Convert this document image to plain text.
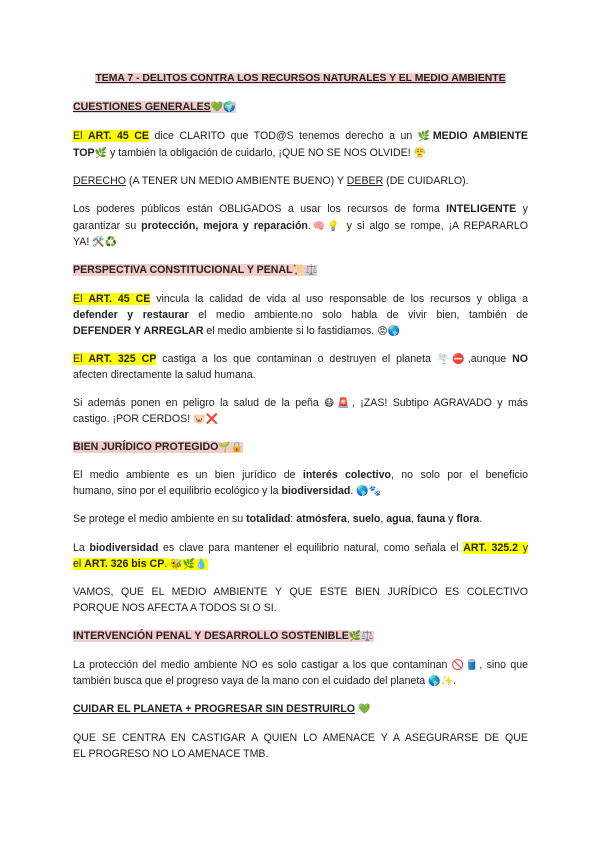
TEMA 7 - DELITOS CONTRA LOS RECURSOS NATURALES Y EL MEDIO AMBIENTE
CUESTIONES GENERALES💚🌍
El ART. 45 CE dice CLARITO que TOD@S tenemos derecho a un 🌿MEDIO AMBIENTE
TOP🌿 y también la obligación de cuidarlo, ¡QUE NO SE NOS OLVIDE! 😤
DERECHO (A TENER UN MEDIO AMBIENTE BUENO) Y DEBER (DE CUIDARLO).
Los poderes públicos están OBLIGADOS a usar los recursos de forma INTELIGENTE y
garantizar su protección, mejora y reparación.🧠💡 y si algo se rompe, ¡A REPARARLO
YA! 🛠️♻️
PERSPECTIVA CONSTITUCIONAL Y PENAL📜⚖️
El ART. 45 CE vincula la calidad de vida al uso responsable de los recursos y obliga a
defender y restaurar el medio ambiente.no solo habla de vivir bien, también de
DEFENDER Y ARREGLAR el medio ambiente si lo fastidiamos. 😡🌎
El ART. 325 CP castiga a los que contaminan o destruyen el planeta 🌪️⛔,aunque NO
afecten directamente la salud humana.
Si además ponen en peligro la salud de la peña 😷🚨, ¡ZAS! Subtipo AGRAVADO y más
castigo. ¡POR CERDOS! 🐷❌
BIEN JURÍDICO PROTEGIDO🌱🔒
El medio ambiente es un bien jurídico de interés colectivo, no solo por el beneficio
humano, sino por el equilibrio ecológico y la biodiversidad. 🌎🐾
Se protege el medio ambiente en su totalidad: atmósfera, suelo, agua, fauna y flora.
La biodiversidad es clave para mantener el equilibrio natural, como señala el ART. 325.2 y
el ART. 326 bis CP. 🐝🌿💧
VAMOS, QUE EL MEDIO AMBIENTE Y QUE ESTE BIEN JURÍDICO ES COLECTIVO
PORQUE NOS AFECTA A TODOS SI O SI.
INTERVENCIÓN PENAL Y DESARROLLO SOSTENIBLE🌿⚖️
La protección del medio ambiente NO es solo castigar a los que contaminan 🚫🛢️, sino que
también busca que el progreso vaya de la mano con el cuidado del planeta 🌎✨.
CUIDAR EL PLANETA + PROGRESAR SIN DESTRUIRLO 💚
QUE SE CENTRA EN CASTIGAR A QUIEN LO AMENACE Y A ASEGURARSE DE QUE
EL PROGRESO NO LO AMENACE TMB.
